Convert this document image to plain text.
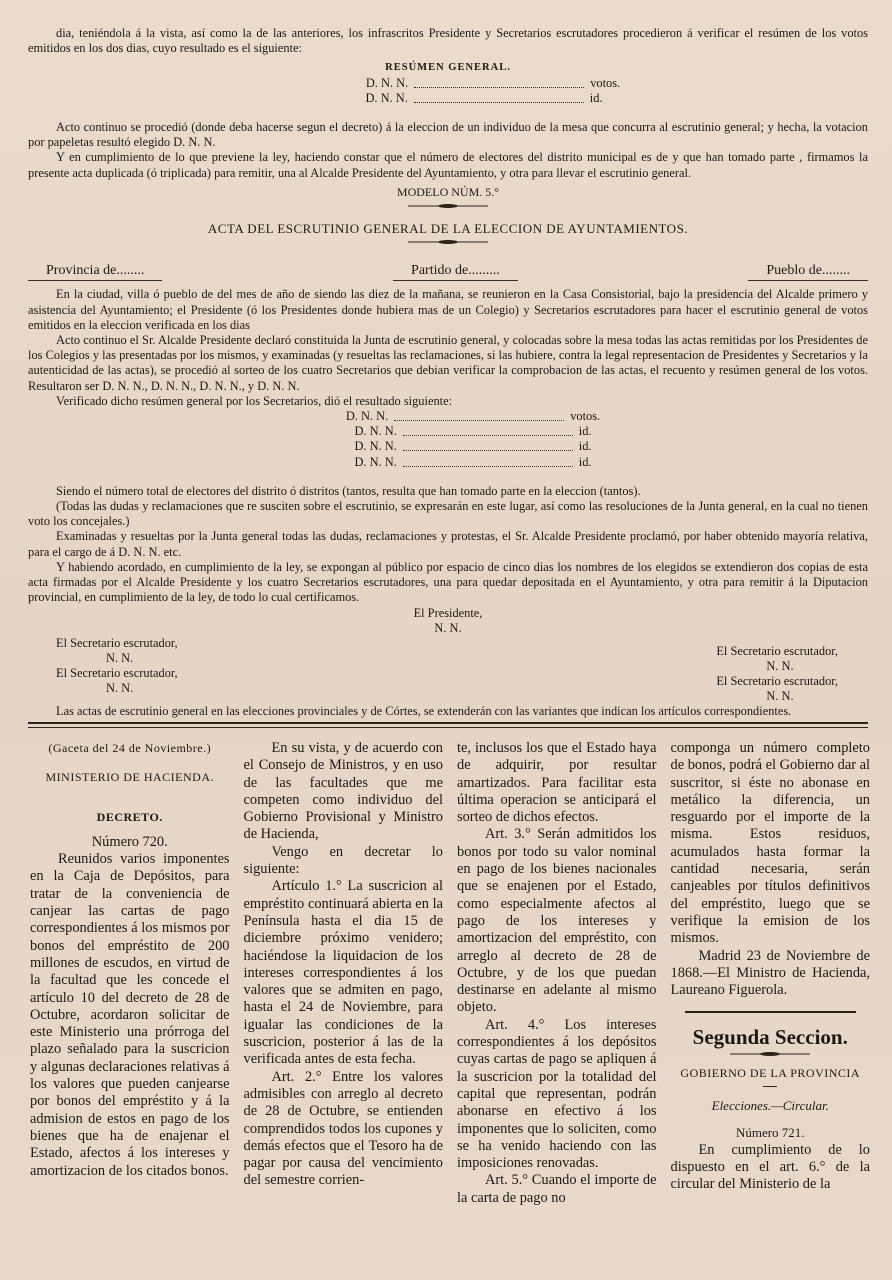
dia, teniéndola á la vista, así como la de las anteriores, los infrascritos Presidente y Secretarios escrutadores procedieron á verificar el resúmen de los votos emitidos en los dos dias, cuyo resultado es el siguiente:

RESÚMEN GENERAL.
D. N. N.	votos.
D. N. N.	id.

Acto continuo se procedió (donde deba hacerse segun el decreto) á la eleccion de un individuo de la mesa que concurra al escrutinio general; y hecha, la votacion por papeletas resultó elegido D. N. N.

Y en cumplimiento de lo que previene la ley, haciendo constar que el número de electores del distrito municipal es de y que han tomado parte , firmamos la presente acta duplicada (ó triplicada) para remitir, una al Alcalde Presidente del Ayuntamiento, y otra para llevar el escrutinio general.

MODELO NÚM. 5.°
ACTA DEL ESCRUTINIO GENERAL DE LA ELECCION DE AYUNTAMIENTOS.
Provincia de........	Partido de.........	Pueblo de........

En la ciudad, villa ó pueblo de del mes de año de siendo las diez de la mañana, se reunieron en la Casa Consistorial, bajo la presidencia del Alcalde primero y asistencia del Ayuntamiento; el Presidente (ó los Presidentes donde hubiera mas de un Colegio) y Secretarios escrutadores para hacer el escrutinio general de votos emitidos en la eleccion verificada en los dias

Acto continuo el Sr. Alcalde Presidente declaró constituida la Junta de escrutinio general, y colocadas sobre la mesa todas las actas remitidas por los Presidentes de los Colegios y las presentadas por los mismos, y examinadas (y resueltas las reclamaciones, si las hubiere, contra la legal representacion de Presidentes y Secretarios y la autenticidad de las actas), se procedió al sorteo de los cuatro Secretarios que debian verificar la comprobacion de las actas, el recuento y resúmen general de los votos. Resultaron ser D. N. N., D. N. N., D. N. N., y D. N. N.

Verificado dicho resúmen general por los Secretarios, dió el resultado siguiente:

D. N. N.	votos.
D. N. N.	id.
D. N. N.	id.
D. N. N.	id.

Siendo el número total de electores del distrito ó distritos (tantos, resulta que han tomado parte en la eleccion (tantos).

(Todas las dudas y reclamaciones que re susciten sobre el escrutinio, se expresarán en este lugar, así como las resoluciones de la Junta general, en la cual no tienen voto los concejales.)

Examinadas y resueltas por la Junta general todas las dudas, reclamaciones y protestas, el Sr. Alcalde Presidente proclamó, por haber obtenido mayoría relativa, para el cargo de á D. N. N. etc.

Y habiendo acordado, en cumplimiento de la ley, se expongan al público por espacio de cinco dias los nombres de los elegidos se extendieron dos copias de esta acta firmadas por el Alcalde Presidente y los cuatro Secretarios escrutadores, una para quedar depositada en el Ayuntamiento, y otra para remitir á la Diputacion provincial, en cumplimiento de la ley, de todo lo cual certificamos.

El Presidente,
N. N.
El Secretario escrutador,
N. N.
El Secretario escrutador,
N. N.
El Secretario escrutador,
N. N.
El Secretario escrutador,
N. N.

Las actas de escrutinio general en las elecciones provinciales y de Córtes, se extenderán con las variantes que indican los artículos correspondientes.

(Gaceta del 24 de Noviembre.)

MINISTERIO DE HACIENDA.

DECRETO.

Número 720.

Reunidos varios imponentes en la Caja de Depósitos, para tratar de la conveniencia de canjear las cartas de pago correspondientes á los mismos por bonos del empréstito de 200 millones de escudos, en virtud de la facultad que les concede el artículo 10 del decreto de 28 de Octubre, acordaron solicitar de este Ministerio una prórroga del plazo señalado para la suscricion y algunas declaraciones relativas á los valores que pueden canjearse por bonos del empréstito y á la admision de estos en pago de los bienes que ha de enajenar el Estado, afectos á los intereses y amortizacion de los citados bonos.

En su vista, y de acuerdo con el Consejo de Ministros, y en uso de las facultades que me competen como individuo del Gobierno Provisional y Ministro de Hacienda,

Vengo en decretar lo siguiente:

Artículo 1.° La suscricion al empréstito continuará abierta en la Península hasta el dia 15 de diciembre próximo venidero; haciéndose la liquidacion de los intereses correspondientes á los valores que se admiten en pago, hasta el 24 de Noviembre, para igualar las condiciones de la suscricion, posterior á las de la verificada antes de esta fecha.

Art. 2.° Entre los valores admisibles con arreglo al decreto de 28 de Octubre, se entienden comprendidos todos los cupones y demás efectos que el Tesoro ha de pagar por causa del vencimiento del semestre corrien-

te, inclusos los que el Estado haya de adquirir, por resultar amartizados. Para facilitar esta última operacion se anticipará el sorteo de dichos efectos.

Art. 3.° Serán admitidos los bonos por todo su valor nominal en pago de los bienes nacionales que se enajenen por el Estado, como especialmente afectos al pago de los intereses y amortizacion del empréstito, con arreglo al decreto de 28 de Octubre, y de los que puedan destinarse en adelante al mismo objeto.

Art. 4.° Los intereses correspondientes á los depósitos cuyas cartas de pago se apliquen á la suscricion por la totalidad del capital que representan, podrán abonarse en efectivo á los imponentes que lo soliciten, como se ha venido haciendo con las imposiciones renovadas.

Art. 5.° Cuando el importe de la carta de pago no

componga un número completo de bonos, podrá el Gobierno dar al suscritor, si éste no abonase en metálico la diferencia, un resguardo por el importe de la misma. Estos residuos, acumulados hasta formar la cantidad necesaria, serán canjeables por títulos definitivos del empréstito, luego que se verifique la emision de los mismos.

Madrid 23 de Noviembre de 1868.—El Ministro de Hacienda, Laureano Figuerola.

Segunda Seccion.

GOBIERNO DE LA PROVINCIA

Elecciones.—Circular.

Número 721.

En cumplimiento de lo dispuesto en el art. 6.° de la circular del Ministerio de la
